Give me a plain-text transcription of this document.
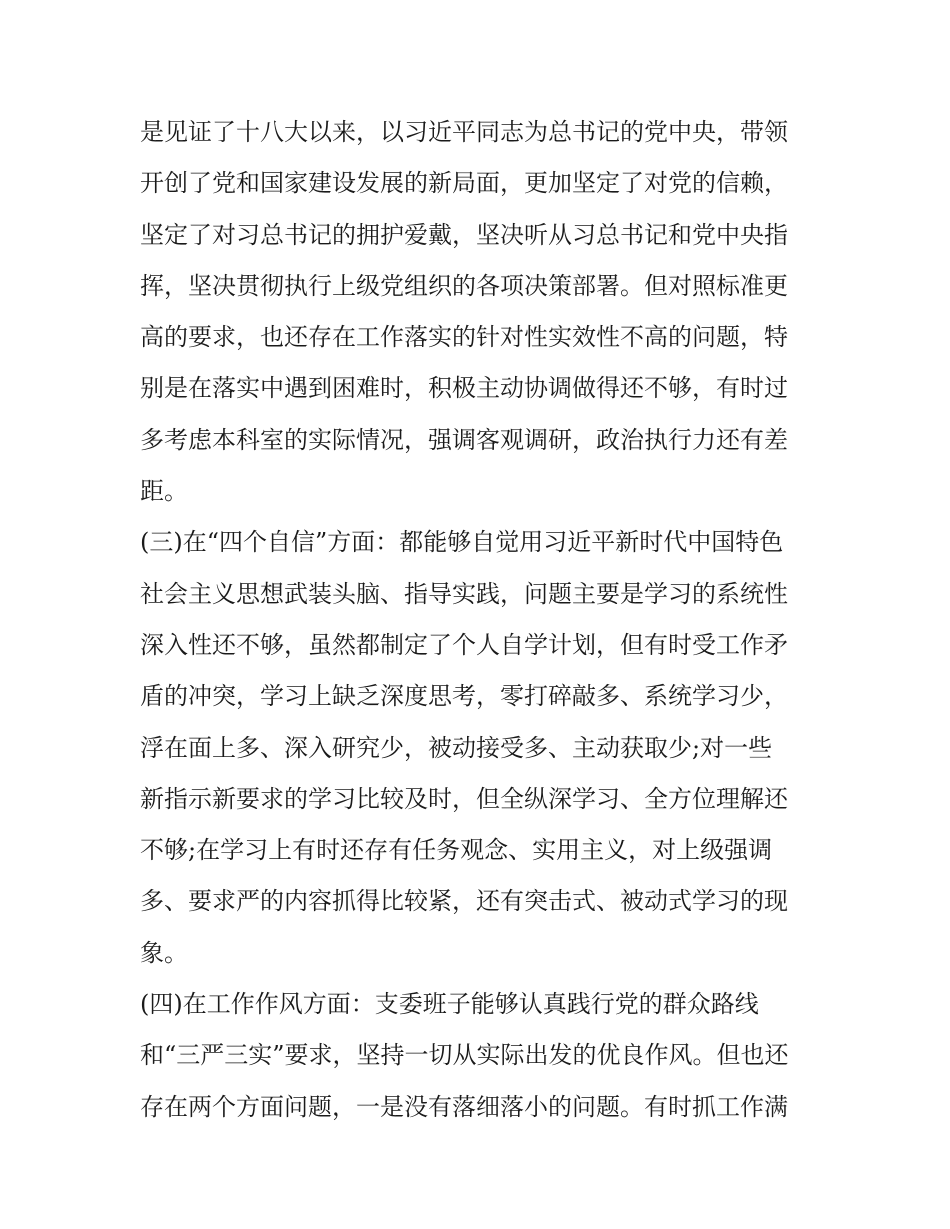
是见证了十八大以来，以习近平同志为总书记的党中央，带领
开创了党和国家建设发展的新局面，更加坚定了对党的信赖，
坚定了对习总书记的拥护爱戴，坚决听从习总书记和党中央指
挥，坚决贯彻执行上级党组织的各项决策部署。但对照标准更
高的要求，也还存在工作落实的针对性实效性不高的问题，特
别是在落实中遇到困难时，积极主动协调做得还不够，有时过
多考虑本科室的实际情况，强调客观调研，政治执行力还有差
距。
(三)在“四个自信”方面：都能够自觉用习近平新时代中国特色
社会主义思想武装头脑、指导实践，问题主要是学习的系统性
深入性还不够，虽然都制定了个人自学计划，但有时受工作矛
盾的冲突，学习上缺乏深度思考，零打碎敲多、系统学习少，
浮在面上多、深入研究少，被动接受多、主动获取少;对一些
新指示新要求的学习比较及时，但全纵深学习、全方位理解还
不够;在学习上有时还存有任务观念、实用主义，对上级强调
多、要求严的内容抓得比较紧，还有突击式、被动式学习的现
象。
(四)在工作作风方面：支委班子能够认真践行党的群众路线
和“三严三实”要求，坚持一切从实际出发的优良作风。但也还
存在两个方面问题，一是没有落细落小的问题。有时抓工作满
